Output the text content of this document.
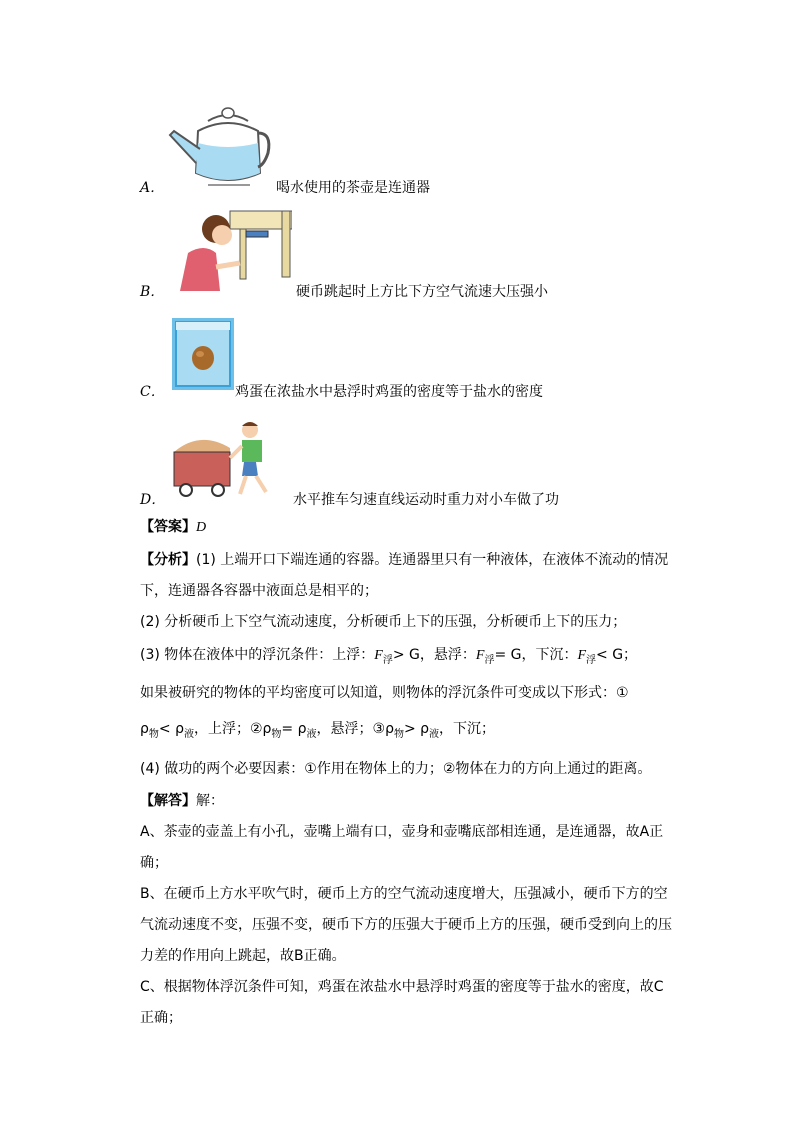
A．	喝水使用的茶壶是连通器
B．	硬币跳起时上方比下方空气流速大压强小
C．	鸡蛋在浓盐水中悬浮时鸡蛋的密度等于盐水的密度
D．	水平推车匀速直线运动时重力对小车做了功
【答案】D
【分析】(1) 上端开口下端连通的容器。连通器里只有一种液体，在液体不流动的情况
下，连通器各容器中液面总是相平的；
(2) 分析硬币上下空气流动速度，分析硬币上下的压强，分析硬币上下的压力；
(3) 物体在液体中的浮沉条件：上浮：$F_浮> G$，悬浮：$F_浮= G$，下沉：$F_浮< G$；
如果被研究的物体的平均密度可以知道，则物体的浮沉条件可变成以下形式：①
$\rho_物< \rho_液$，上浮；$②\rho_物= \rho_液$，悬浮；$③\rho_物> \rho_液$，下沉；
(4) 做功的两个必要因素：①作用在物体上的力；②物体在力的方向上通过的距离。
【解答】解：
A、茶壶的壶盖上有小孔，壶嘴上端有口，壶身和壶嘴底部相连通，是连通器，故A正
确；
B、在硬币上方水平吹气时，硬币上方的空气流动速度增大，压强减小，硬币下方的空
气流动速度不变，压强不变，硬币下方的压强大于硬币上方的压强，硬币受到向上的压
力差的作用向上跳起，故B正确。
C、根据物体浮沉条件可知，鸡蛋在浓盐水中悬浮时鸡蛋的密度等于盐水的密度，故C
正确；
